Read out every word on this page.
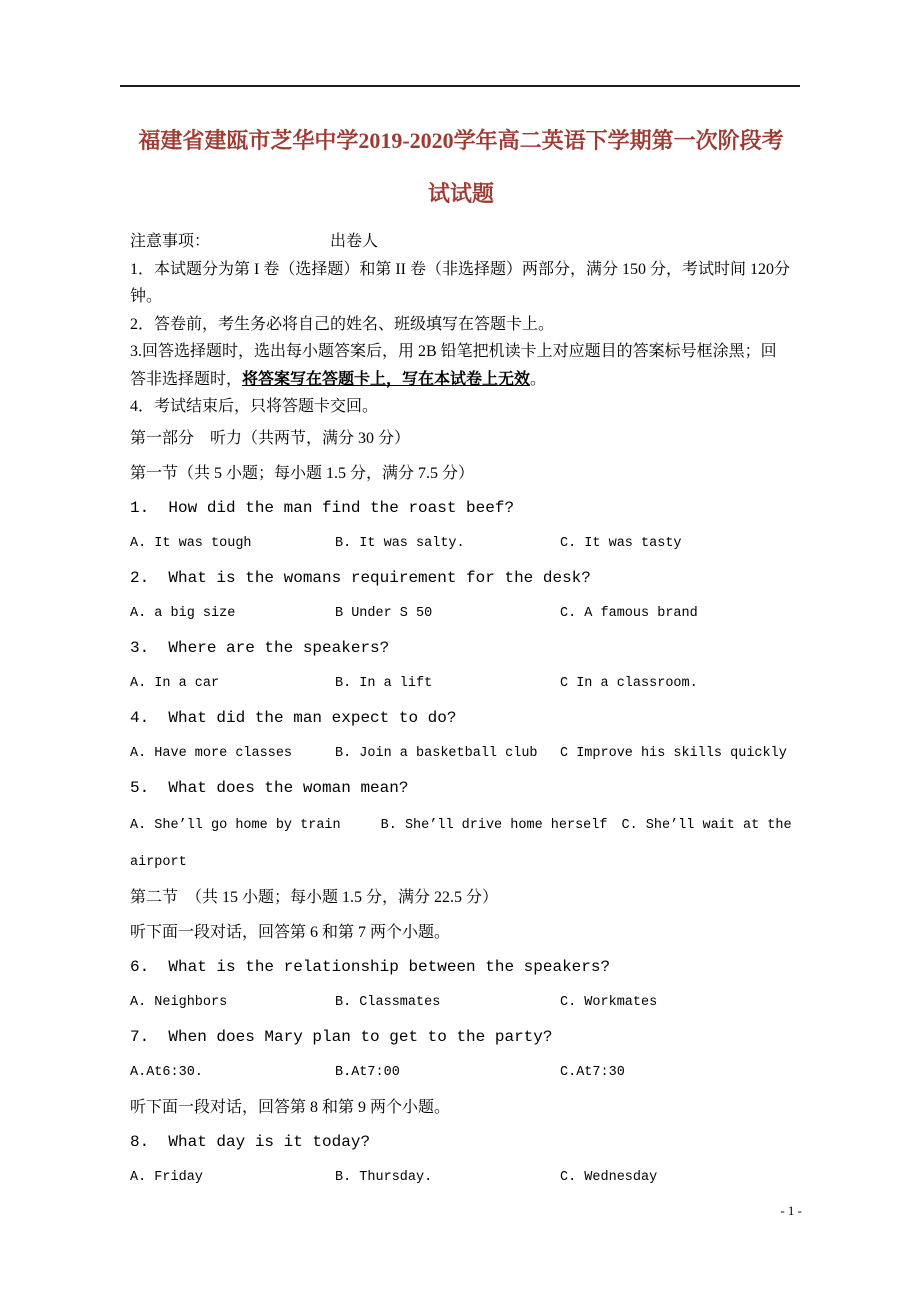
福建省建瓯市芝华中学2019-2020学年高二英语下学期第一次阶段考
试试题

注意事项：	出卷人

1．本试题分为第 I 卷（选择题）和第 II 卷（非选择题）两部分，满分 150 分，考试时间 120分钟。

2．答卷前，考生务必将自己的姓名、班级填写在答题卡上。

3.回答选择题时，选出每小题答案后，用 2B 铅笔把机读卡上对应题目的答案标号框涂黑；回答非选择题时，将答案写在答题卡上，写在本试卷上无效。

4．考试结束后，只将答题卡交回。

第一部分    听力（共两节，满分 30 分）

第一节（共 5 小题；每小题 1.5 分，满分 7.5 分）

1.  How did the man find the roast beef?

A. It was tough	B. It was salty.	C. It was tasty

2.  What is the womans requirement for the desk?

A. a big size	B Under S 50	C. A famous brand

3.  Where are the speakers?

A. In a car	B. In a lift	C In a classroom.

4.  What did the man expect to do?

A. Have more classes	B. Join a basketball club	C Improve his skills quickly

5.  What does the woman mean?

A. She’ll go home by train	B. She’ll drive home herself C. She’ll wait at the airport

第二节  （共 15 小题；每小题 1.5 分，满分 22.5 分）

听下面一段对话，回答第 6 和第 7 两个小题。

6.  What is the relationship between the speakers?

A. Neighbors	B. Classmates	C. Workmates

7.  When does Mary plan to get to the party?

A.At6:30.	B.At7:00	C.At7:30

听下面一段对话，回答第 8 和第 9 两个小题。

8.  What day is it today?

A. Friday	B. Thursday.	C. Wednesday
- 1 -
